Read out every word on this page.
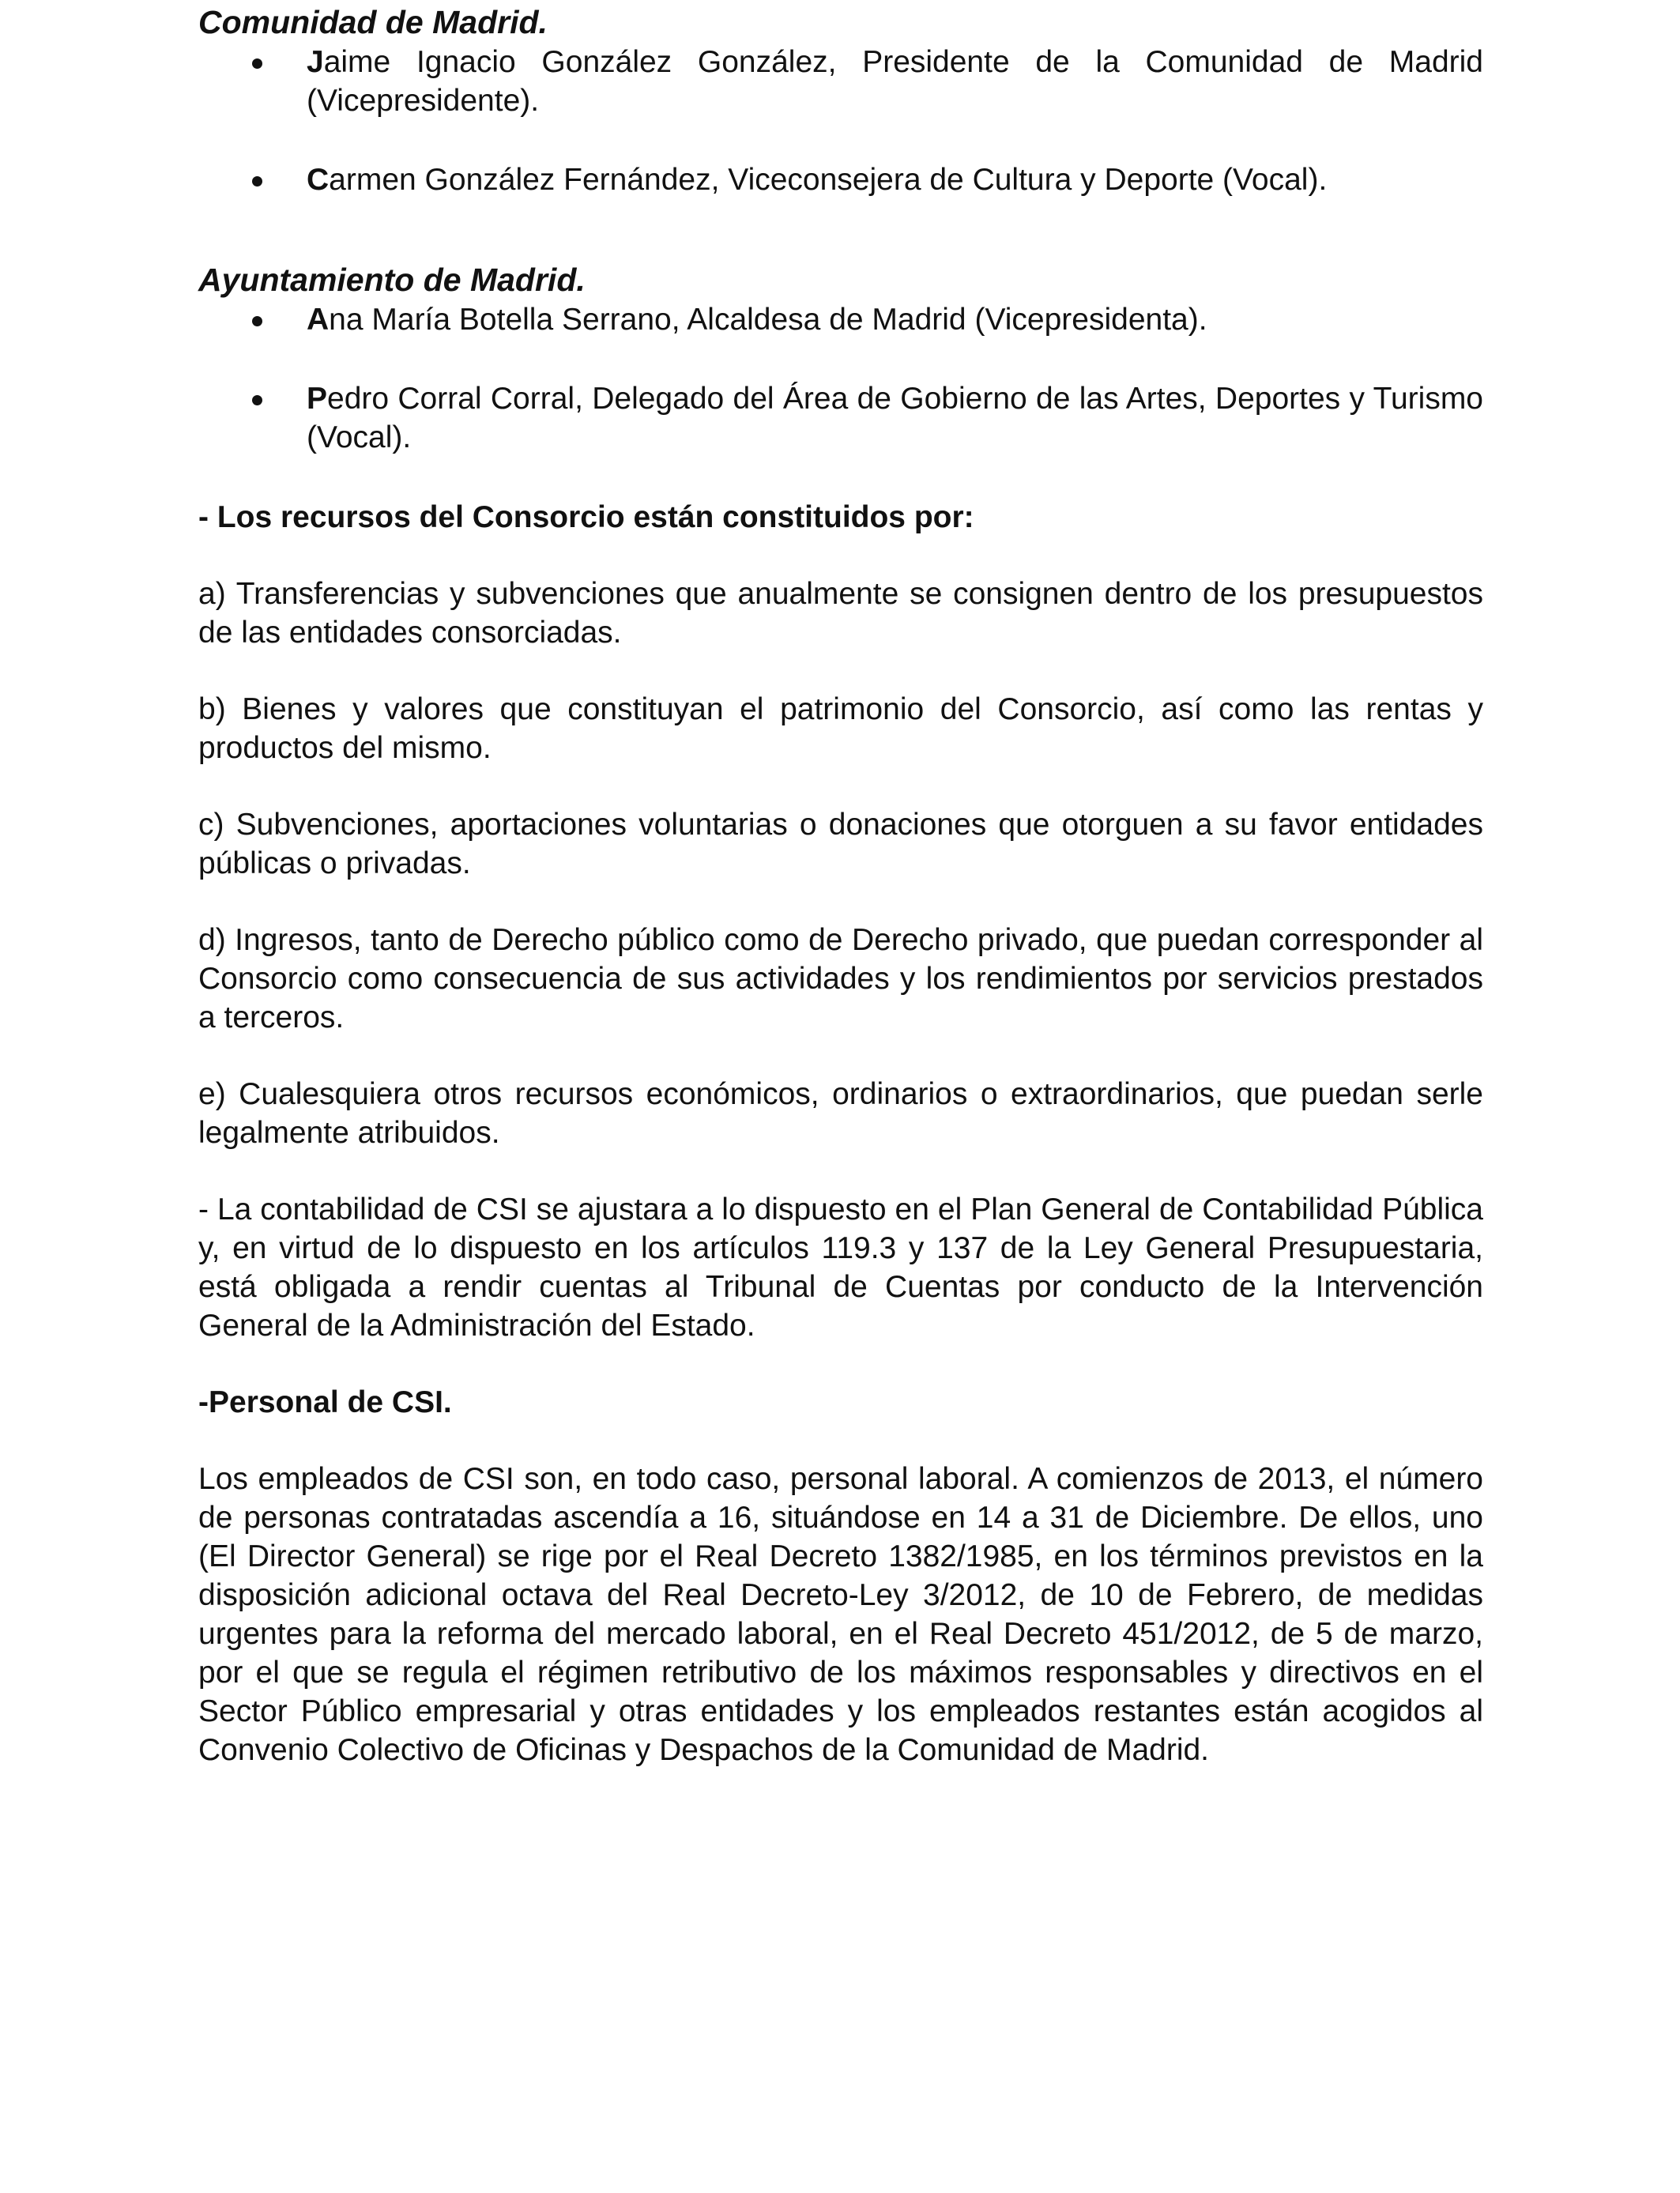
Comunidad de Madrid.
Jaime Ignacio González González, Presidente de la Comunidad de Madrid (Vicepresidente).
Carmen González Fernández, Viceconsejera de Cultura y Deporte (Vocal).
Ayuntamiento de Madrid.
Ana María Botella Serrano, Alcaldesa de Madrid (Vicepresidenta).
Pedro Corral Corral, Delegado del Área de Gobierno de las Artes, Deportes y Turismo (Vocal).

- Los recursos del Consorcio están constituidos por:

a) Transferencias y subvenciones que anualmente se consignen dentro de los presupuestos de las entidades consorciadas.

b) Bienes y valores que constituyan el patrimonio del Consorcio, así como las rentas y productos del mismo.

c) Subvenciones, aportaciones voluntarias o donaciones que otorguen a su favor entidades públicas o privadas.

d) Ingresos, tanto de Derecho público como de Derecho privado, que puedan corresponder al Consorcio como consecuencia de sus actividades y los rendimientos por servicios prestados a terceros.

e) Cualesquiera otros recursos económicos, ordinarios o extraordinarios, que puedan serle legalmente atribuidos.

- La contabilidad de CSI se ajustara a lo dispuesto en el Plan General de Contabilidad Pública y, en virtud de lo dispuesto en los artículos 119.3 y 137 de la Ley General Presupuestaria, está obligada a rendir cuentas al Tribunal de Cuentas por conducto de la Intervención General de la Administración del Estado.

-Personal de CSI.

Los empleados de CSI son, en todo caso, personal laboral. A comienzos de 2013, el número de personas contratadas ascendía a 16, situándose en 14 a 31 de Diciembre. De ellos, uno (El Director General) se rige por el Real Decreto 1382/1985, en los términos previstos en la disposición adicional octava del Real Decreto-Ley 3/2012, de 10 de Febrero, de medidas urgentes para la reforma del mercado laboral, en el Real Decreto 451/2012, de 5 de marzo, por el que se regula el régimen retributivo de los máximos responsables y directivos en el Sector Público empresarial y otras entidades y los empleados restantes están acogidos al Convenio Colectivo de Oficinas y Despachos de la Comunidad de Madrid.
